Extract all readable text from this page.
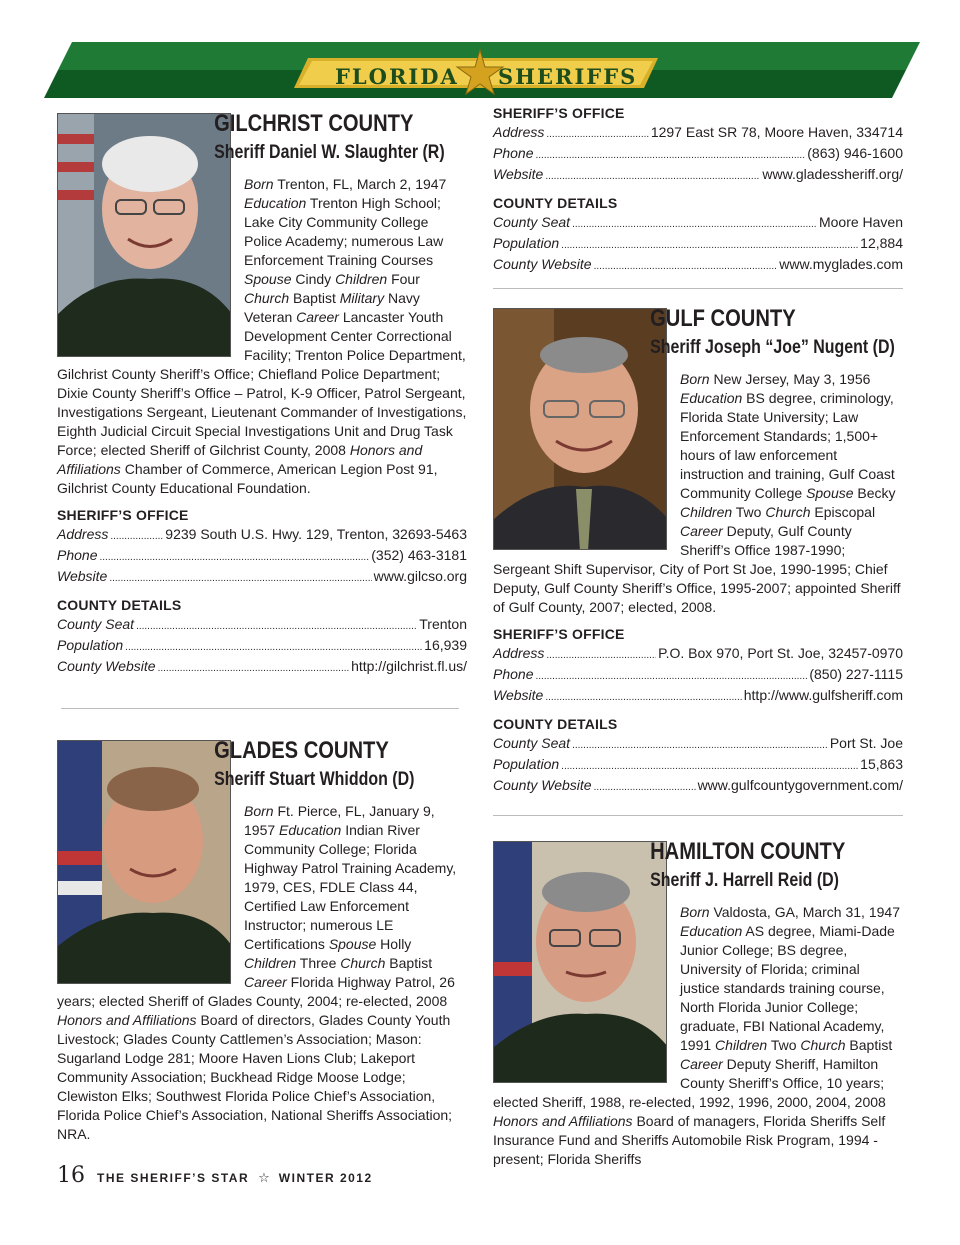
FLORIDA SHERIFFS
GILCHRIST COUNTY
Sheriff Daniel W. Slaughter (R)

Born Trenton, FL, March 2, 1947 Education Trenton High School; Lake City Community College Police Academy; numerous Law Enforcement Training Courses Spouse Cindy Children Four Church Baptist Military Navy Veteran Career Lancaster Youth Development Center Correctional Facility; Trenton Police Department, Gilchrist County Sheriff’s Office; Chiefland Police Department; Dixie County Sheriff’s Office – Patrol, K-9 Officer, Patrol Sergeant, Investigations Sergeant, Lieutenant Commander of Investigations, Eighth Judicial Circuit Special Investigations Unit and Drug Task Force; elected Sheriff of Gilchrist County, 2008 Honors and Affiliations Chamber of Commerce, American Legion Post 91, Gilchrist County Educational Foundation.

SHERIFF’S OFFICE
Address .....	9239 South U.S. Hwy. 129, Trenton, 32693-5463
Phone .....	(352) 463-3181
Website .....	www.gilcso.org
COUNTY DETAILS
County Seat .....	Trenton
Population .....	16,939
County Website .....	http://gilchrist.fl.us/
GLADES COUNTY
Sheriff Stuart Whiddon (D)

Born Ft. Pierce, FL, January 9, 1957 Education Indian River Community College; Florida Highway Patrol Training Academy, 1979, CES, FDLE Class 44, Certified Law Enforcement Instructor; numerous LE Certifications Spouse Holly Children Three Church Baptist Career Florida Highway Patrol, 26 years; elected Sheriff of Glades County, 2004; re-elected, 2008 Honors and Affiliations Board of directors, Glades County Youth Livestock; Glades County Cattlemen’s Association; Mason: Sugarland Lodge 281; Moore Haven Lions Club; Lakeport Community Association; Buckhead Ridge Moose Lodge; Clewiston Elks; Southwest Florida Police Chief’s Association, Florida Police Chief’s Association, National Sheriffs Association; NRA.

SHERIFF’S OFFICE
Address .....	1297 East SR 78, Moore Haven, 334714
Phone .....	(863) 946-1600
Website .....	www.gladessheriff.org/
COUNTY DETAILS
County Seat .....	Moore Haven
Population .....	12,884
County Website .....	www.myglades.com
GULF COUNTY
Sheriff Joseph “Joe” Nugent (D)

Born New Jersey, May 3, 1956 Education BS degree, criminology, Florida State University; Law Enforcement Standards; 1,500+ hours of law enforcement instruction and training, Gulf Coast Community College Spouse Becky Children Two Church Episcopal Career Deputy, Gulf County Sheriff’s Office 1987-1990; Sergeant Shift Supervisor, City of Port St Joe, 1990-1995; Chief Deputy, Gulf County Sheriff’s Office, 1995-2007; appointed Sheriff of Gulf County, 2007; elected, 2008.

SHERIFF’S OFFICE
Address .....	P.O. Box 970, Port St. Joe, 32457-0970
Phone .....	(850) 227-1115
Website .....	http://www.gulfsheriff.com
COUNTY DETAILS
County Seat .....	Port St. Joe
Population .....	15,863
County Website .....	www.gulfcountygovernment.com/
HAMILTON COUNTY
Sheriff J. Harrell Reid (D)

Born Valdosta, GA, March 31, 1947 Education AS degree, Miami-Dade Junior College; BS degree, University of Florida; criminal justice standards training course, North Florida Junior College; graduate, FBI National Academy, 1991 Children Two Church Baptist Career Deputy Sheriff, Hamilton County Sheriff’s Office, 10 years; elected Sheriff, 1988, re-elected, 1992, 1996, 2000, 2004, 2008 Honors and Affiliations Board of managers, Florida Sheriffs Self Insurance Fund and Sheriffs Automobile Risk Program, 1994 - present; Florida Sheriffs

16 THE SHERIFF’S STAR ☆ WINTER 2012
